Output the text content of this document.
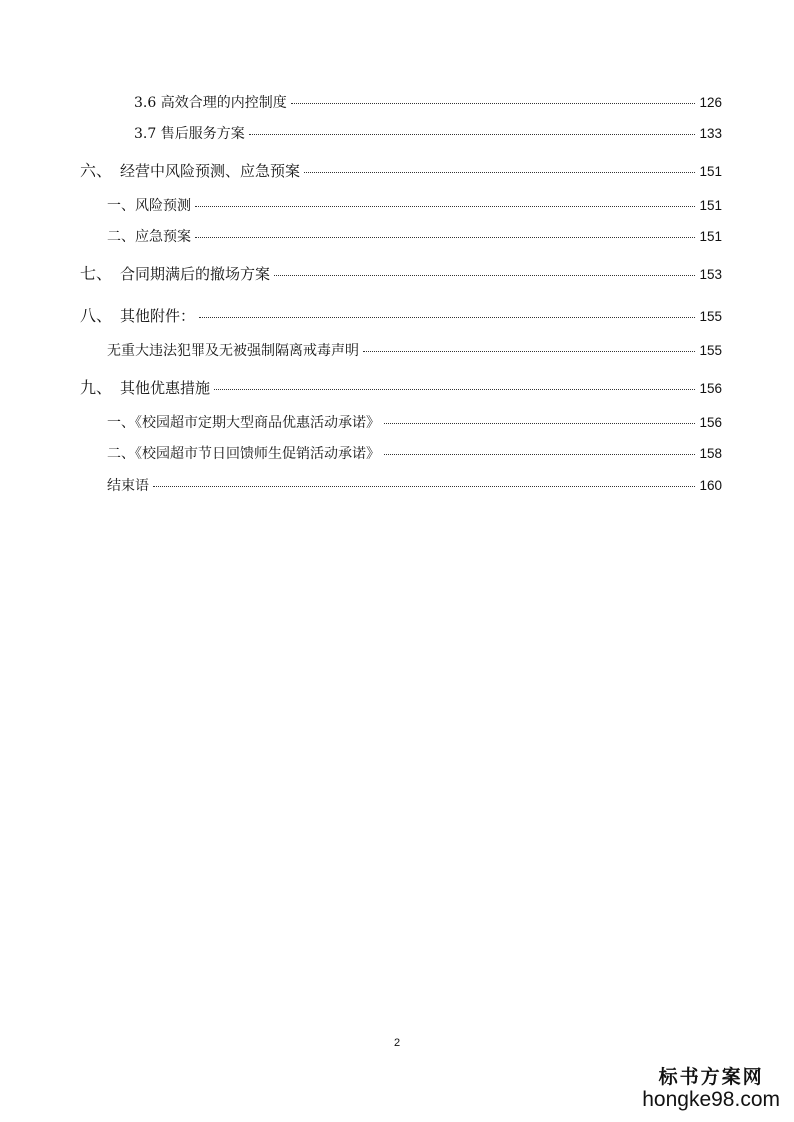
3.6 高效合理的内控制度	126
3.7 售后服务方案	133
六、 经营中风险预测、应急预案	151
一、风险预测	151
二、应急预案	151
七、 合同期满后的撤场方案	153
八、 其他附件：	155
无重大违法犯罪及无被强制隔离戒毒声明	155
九、 其他优惠措施	156
一、《校园超市定期大型商品优惠活动承诺》	156
二、《校园超市节日回馈师生促销活动承诺》	158
结束语	160
2
标书方案网
hongke98.com
